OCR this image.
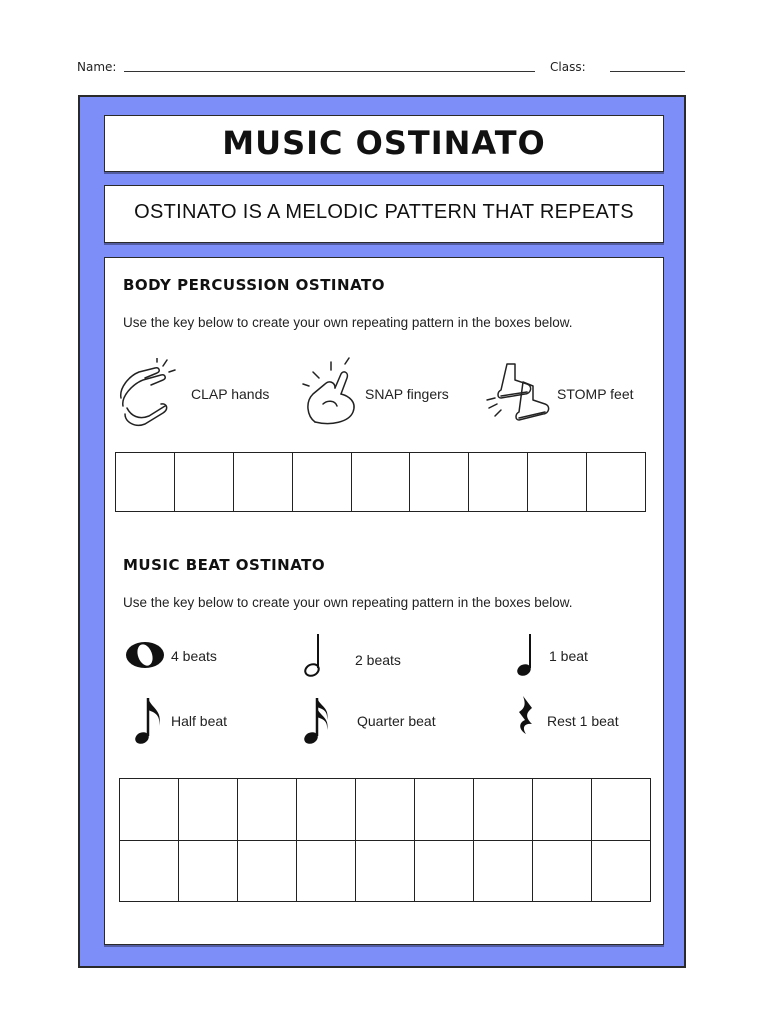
Name:	Class:
MUSIC OSTINATO
OSTINATO IS A MELODIC PATTERN THAT REPEATS
BODY PERCUSSION OSTINATO
Use the key below to create your own repeating pattern in the boxes below.
CLAP hands	SNAP fingers	STOMP feet

MUSIC BEAT OSTINATO
Use the key below to create your own repeating pattern in the boxes below.
4 beats	2 beats	1 beat
Half beat	Quarter beat	Rest 1 beat
